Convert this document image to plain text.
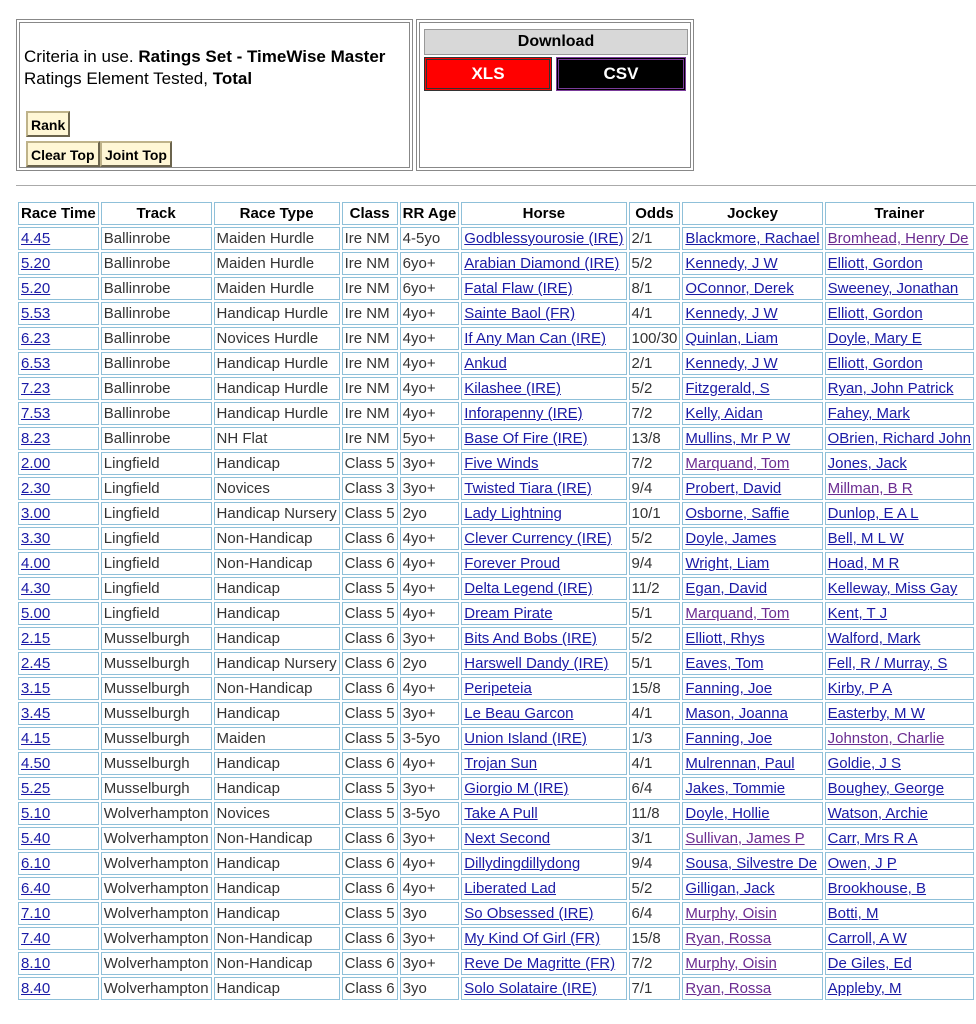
Criteria in use. Ratings Set - TimeWise Master
Ratings Element Tested, Total
Rank
Clear Top Joint Top
Download
XLS	CSV
Race Time	Track	Race Type	Class	RR Age	Horse	Odds	Jockey	Trainer
4.45	Ballinrobe	Maiden Hurdle	Ire NM	4-5yo	Godblessyourosie (IRE)	2/1	Blackmore, Rachael	Bromhead, Henry De
5.20	Ballinrobe	Maiden Hurdle	Ire NM	6yo+	Arabian Diamond (IRE)	5/2	Kennedy, J W	Elliott, Gordon
5.20	Ballinrobe	Maiden Hurdle	Ire NM	6yo+	Fatal Flaw (IRE)	8/1	OConnor, Derek	Sweeney, Jonathan
5.53	Ballinrobe	Handicap Hurdle	Ire NM	4yo+	Sainte Baol (FR)	4/1	Kennedy, J W	Elliott, Gordon
6.23	Ballinrobe	Novices Hurdle	Ire NM	4yo+	If Any Man Can (IRE)	100/30	Quinlan, Liam	Doyle, Mary E
6.53	Ballinrobe	Handicap Hurdle	Ire NM	4yo+	Ankud	2/1	Kennedy, J W	Elliott, Gordon
7.23	Ballinrobe	Handicap Hurdle	Ire NM	4yo+	Kilashee (IRE)	5/2	Fitzgerald, S	Ryan, John Patrick
7.53	Ballinrobe	Handicap Hurdle	Ire NM	4yo+	Inforapenny (IRE)	7/2	Kelly, Aidan	Fahey, Mark
8.23	Ballinrobe	NH Flat	Ire NM	5yo+	Base Of Fire (IRE)	13/8	Mullins, Mr P W	OBrien, Richard John
2.00	Lingfield	Handicap	Class 5	3yo+	Five Winds	7/2	Marquand, Tom	Jones, Jack
2.30	Lingfield	Novices	Class 3	3yo+	Twisted Tiara (IRE)	9/4	Probert, David	Millman, B R
3.00	Lingfield	Handicap Nursery	Class 5	2yo	Lady Lightning	10/1	Osborne, Saffie	Dunlop, E A L
3.30	Lingfield	Non-Handicap	Class 6	4yo+	Clever Currency (IRE)	5/2	Doyle, James	Bell, M L W
4.00	Lingfield	Non-Handicap	Class 6	4yo+	Forever Proud	9/4	Wright, Liam	Hoad, M R
4.30	Lingfield	Handicap	Class 5	4yo+	Delta Legend (IRE)	11/2	Egan, David	Kelleway, Miss Gay
5.00	Lingfield	Handicap	Class 5	4yo+	Dream Pirate	5/1	Marquand, Tom	Kent, T J
2.15	Musselburgh	Handicap	Class 6	3yo+	Bits And Bobs (IRE)	5/2	Elliott, Rhys	Walford, Mark
2.45	Musselburgh	Handicap Nursery	Class 6	2yo	Harswell Dandy (IRE)	5/1	Eaves, Tom	Fell, R / Murray, S
3.15	Musselburgh	Non-Handicap	Class 6	4yo+	Peripeteia	15/8	Fanning, Joe	Kirby, P A
3.45	Musselburgh	Handicap	Class 5	3yo+	Le Beau Garcon	4/1	Mason, Joanna	Easterby, M W
4.15	Musselburgh	Maiden	Class 5	3-5yo	Union Island (IRE)	1/3	Fanning, Joe	Johnston, Charlie
4.50	Musselburgh	Handicap	Class 6	4yo+	Trojan Sun	4/1	Mulrennan, Paul	Goldie, J S
5.25	Musselburgh	Handicap	Class 5	3yo+	Giorgio M (IRE)	6/4	Jakes, Tommie	Boughey, George
5.10	Wolverhampton	Novices	Class 5	3-5yo	Take A Pull	11/8	Doyle, Hollie	Watson, Archie
5.40	Wolverhampton	Non-Handicap	Class 6	3yo+	Next Second	3/1	Sullivan, James P	Carr, Mrs R A
6.10	Wolverhampton	Handicap	Class 6	4yo+	Dillydingdillydong	9/4	Sousa, Silvestre De	Owen, J P
6.40	Wolverhampton	Handicap	Class 6	4yo+	Liberated Lad	5/2	Gilligan, Jack	Brookhouse, B
7.10	Wolverhampton	Handicap	Class 5	3yo	So Obsessed (IRE)	6/4	Murphy, Oisin	Botti, M
7.40	Wolverhampton	Non-Handicap	Class 6	3yo+	My Kind Of Girl (FR)	15/8	Ryan, Rossa	Carroll, A W
8.10	Wolverhampton	Non-Handicap	Class 6	3yo+	Reve De Magritte (FR)	7/2	Murphy, Oisin	De Giles, Ed
8.40	Wolverhampton	Handicap	Class 6	3yo	Solo Solataire (IRE)	7/1	Ryan, Rossa	Appleby, M
